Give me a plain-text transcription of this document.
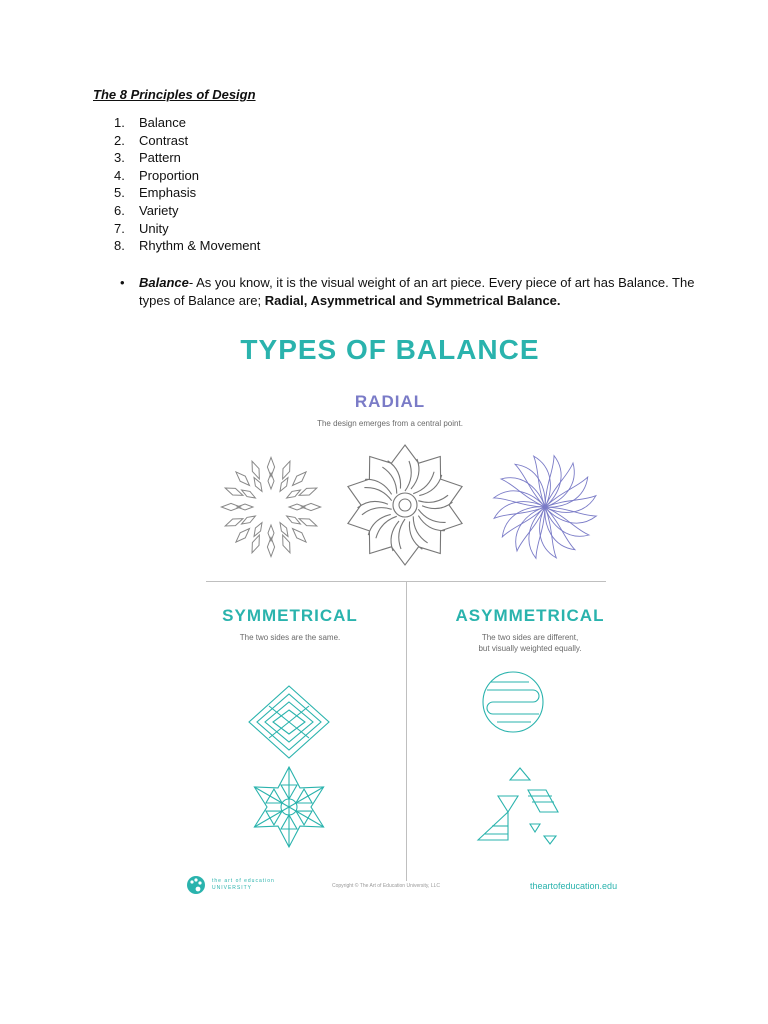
The 8 Principles of Design
1.	Balance
2.	Contrast
3.	Pattern
4.	Proportion
5.	Emphasis
6.	Variety
7.	Unity
8.	Rhythm & Movement
• Balance- As you know, it is the visual weight of an art piece. Every piece of art has Balance. The types of Balance are; Radial, Asymmetrical and Symmetrical Balance.
TYPES OF BALANCE
RADIAL
The design emerges from a central point.
SYMMETRICAL
The two sides are the same.
ASYMMETRICAL
The two sides are different,
but visually weighted equally.
the art of education
UNIVERSITY	Copyright © The Art of Education University, LLC	theartofeducation.edu
